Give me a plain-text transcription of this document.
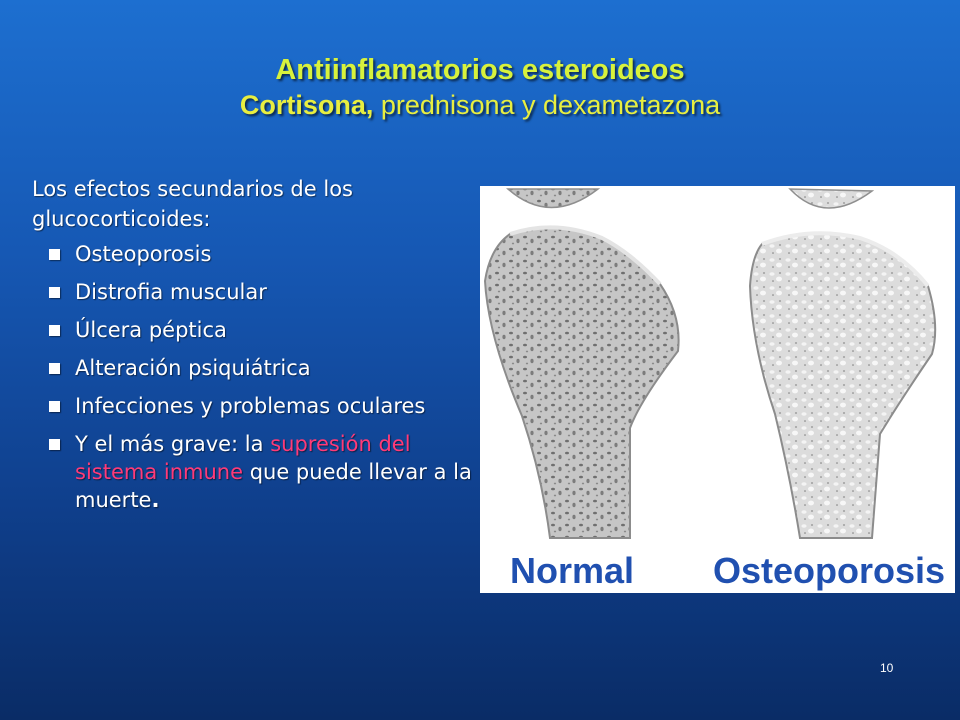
Antiinflamatorios esteroideos
Cortisona, prednisona y dexametazona
Los efectos secundarios de los glucocorticoides:
Osteoporosis
Distrofia muscular
Úlcera péptica
Alteración psiquiátrica
Infecciones y problemas oculares
Y el más grave: la supresión del sistema inmune que puede llevar a la muerte.
Normal Osteoporosis
10
